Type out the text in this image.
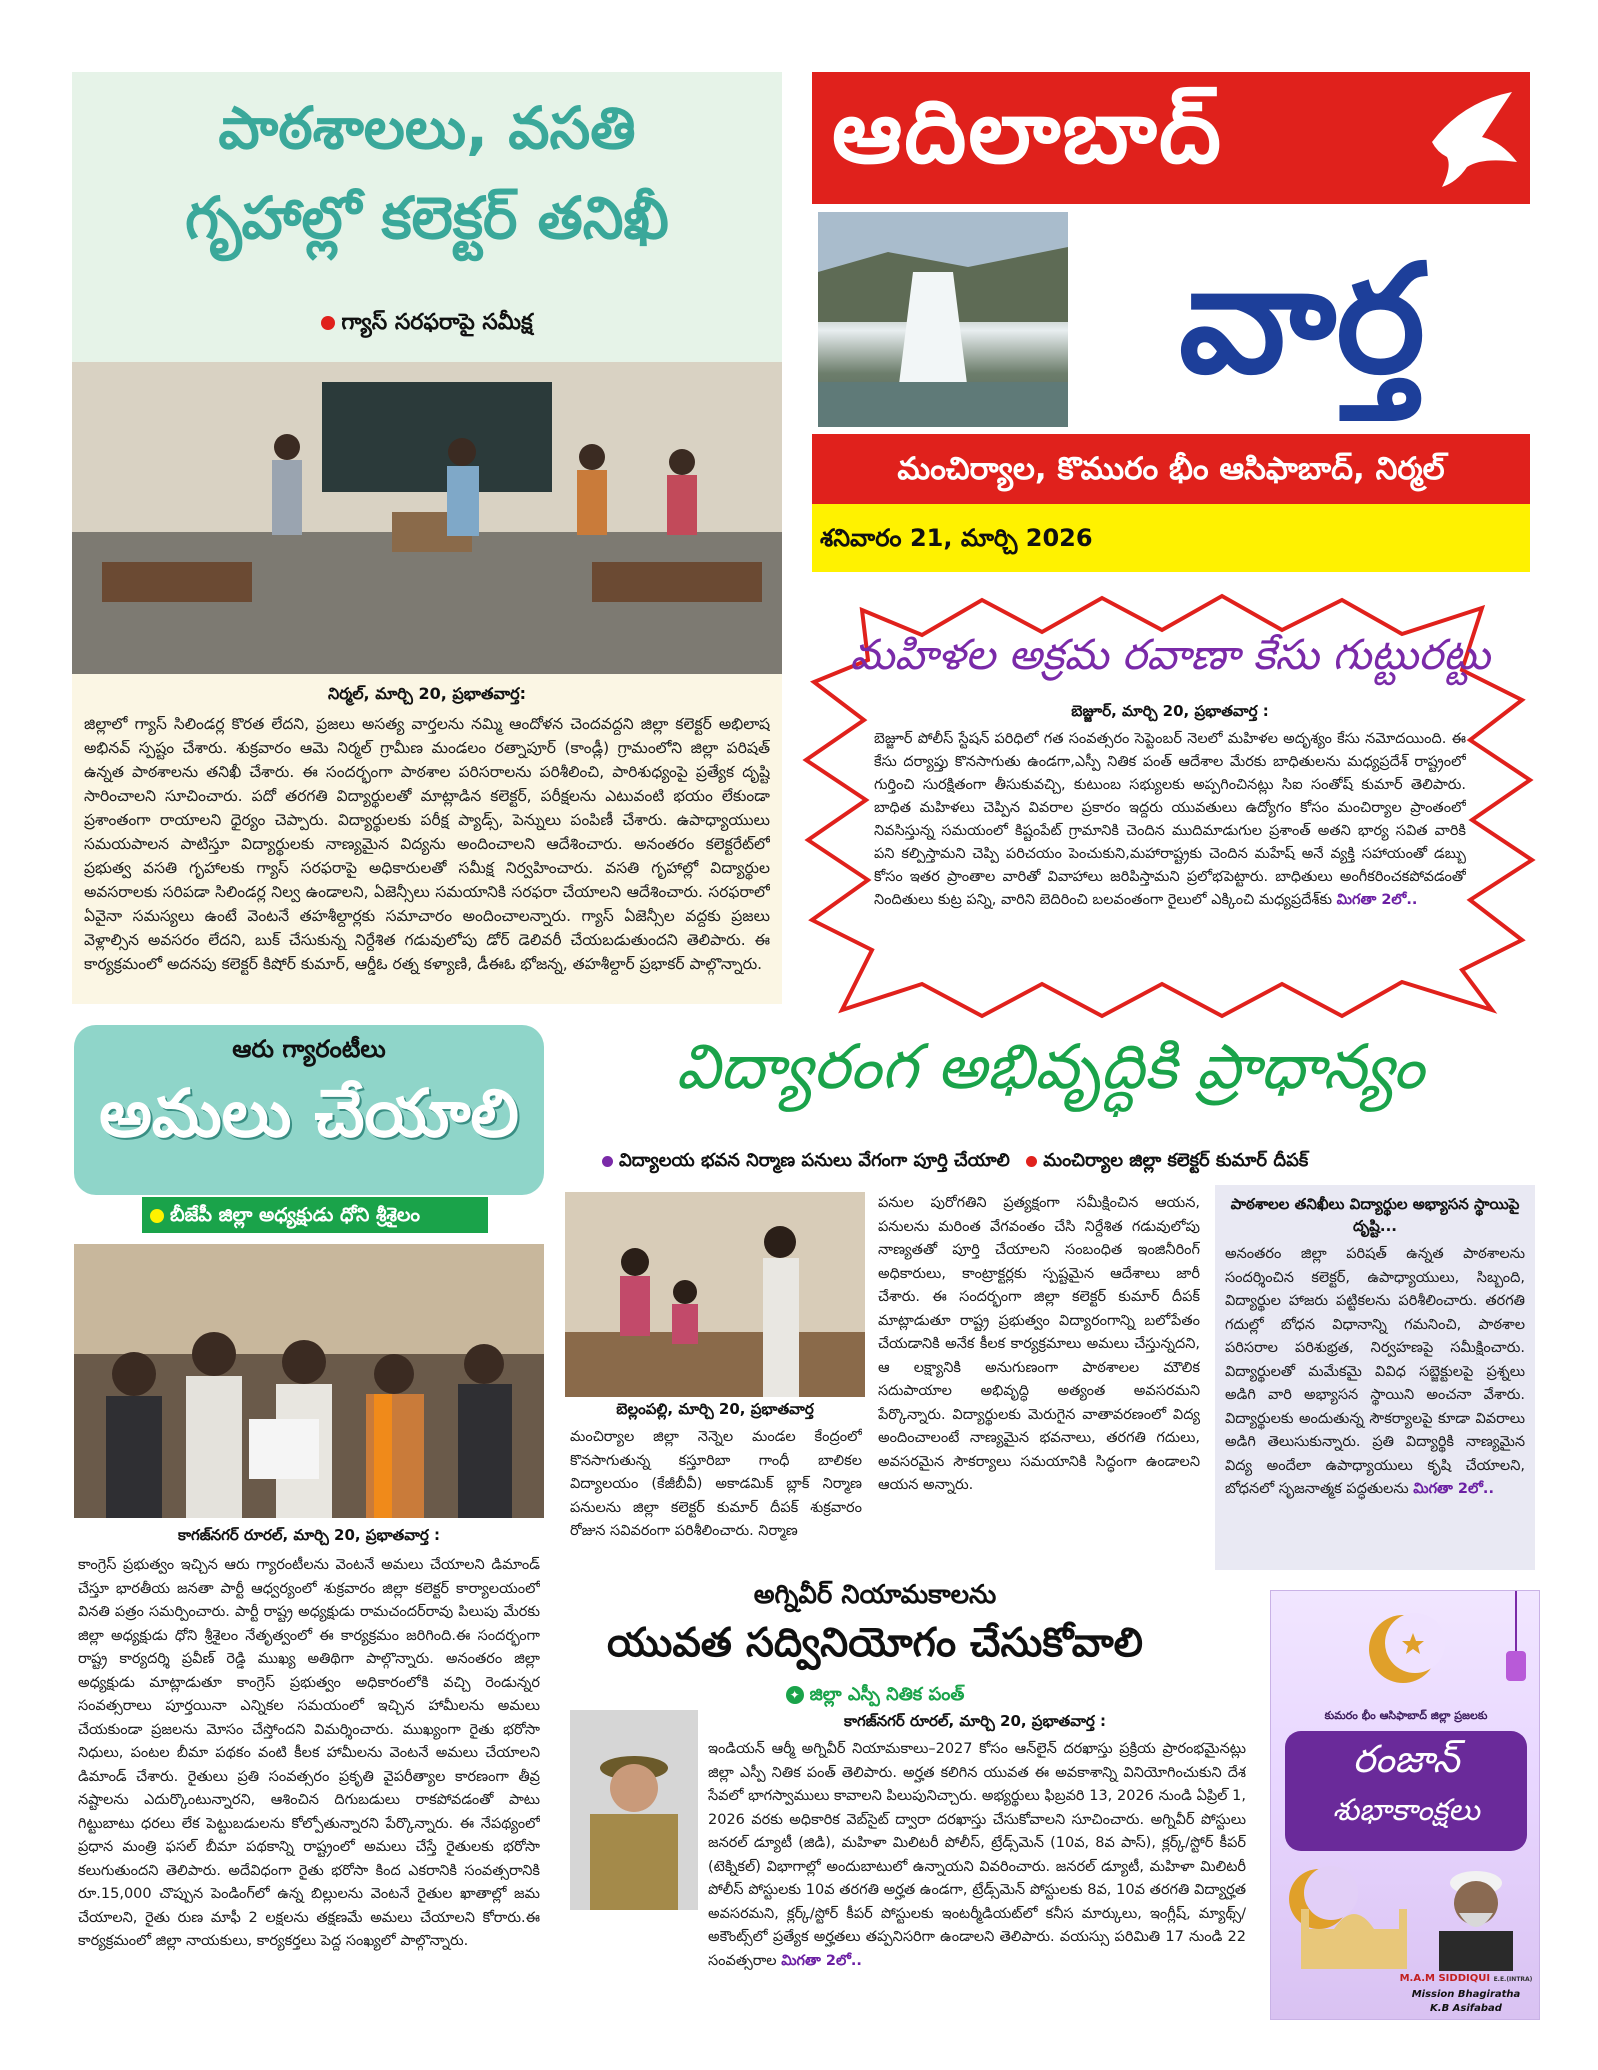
పాఠశాలలు, వసతి
గృహాల్లో కలెక్టర్ తనిఖీ
గ్యాస్ సరఫరాపై సమీక్ష
నిర్మల్, మార్చి 20, ప్రభాతవార్త:
జిల్లాలో గ్యాస్ సిలిండర్ల కొరత లేదని, ప్రజలు అసత్య వార్తలను నమ్మి ఆందోళన చెందవద్దని జిల్లా కలెక్టర్ అభిలాష అభినవ్ స్పష్టం చేశారు. శుక్రవారం ఆమె నిర్మల్ గ్రామీణ మండలం రత్నాపూర్ (కాండ్లీ) గ్రామంలోని జిల్లా పరిషత్ ఉన్నత పాఠశాలను తనిఖీ చేశారు. ఈ సందర్భంగా పాఠశాల పరిసరాలను పరిశీలించి, పారిశుధ్యంపై ప్రత్యేక దృష్టి సారించాలని సూచించారు. పదో తరగతి విద్యార్థులతో మాట్లాడిన కలెక్టర్, పరీక్షలను ఎటువంటి భయం లేకుండా ప్రశాంతంగా రాయాలని ధైర్యం చెప్పారు. విద్యార్థులకు పరీక్ష ప్యాడ్స్, పెన్నులు పంపిణీ చేశారు. ఉపాధ్యాయులు సమయపాలన పాటిస్తూ విద్యార్థులకు నాణ్యమైన విద్యను అందించాలని ఆదేశించారు. అనంతరం కలెక్టరేట్‌లో ప్రభుత్వ వసతి గృహాలకు గ్యాస్ సరఫరాపై అధికారులతో సమీక్ష నిర్వహించారు. వసతి గృహాల్లో విద్యార్థుల అవసరాలకు సరిపడా సిలిండర్ల నిల్వ ఉండాలని, ఏజెన్సీలు సమయానికి సరఫరా చేయాలని ఆదేశించారు. సరఫరాలో ఏవైనా సమస్యలు ఉంటే వెంటనే తహశీల్దార్లకు సమాచారం అందించాలన్నారు. గ్యాస్ ఏజెన్సీల వద్దకు ప్రజలు వెళ్లాల్సిన అవసరం లేదని, బుక్ చేసుకున్న నిర్దేశిత గడువులోపు డోర్ డెలివరీ చేయబడుతుందని తెలిపారు. ఈ కార్యక్రమంలో అదనపు కలెక్టర్ కిషోర్ కుమార్, ఆర్డీఓ రత్న కళ్యాణి, డీఈఓ భోజన్న, తహశీల్దార్ ప్రభాకర్ పాల్గొన్నారు.
ఆదిలాబాద్
వార్త
మంచిర్యాల, కొమురం భీం ఆసిఫాబాద్, నిర్మల్
శనివారం 21, మార్చి 2026
మహిళల అక్రమ రవాణా కేసు గుట్టురట్టు
బెజ్జూర్, మార్చి 20, ప్రభాతవార్త :
బెజ్జూర్ పోలీస్ స్టేషన్ పరిధిలో గత సంవత్సరం సెప్టెంబర్ నెలలో మహిళల అదృశ్యం కేసు నమోదయింది. ఈ కేసు దర్యాప్తు కొనసాగుతు ఉండగా,ఎస్పీ నితిక పంత్ ఆదేశాల మేరకు బాధితులను మధ్యప్రదేశ్ రాష్ట్రంలో గుర్తించి సురక్షితంగా తీసుకువచ్చి, కుటుంబ సభ్యులకు అప్పగించినట్లు సిఐ సంతోష్ కుమార్ తెలిపారు. బాధిత మహిళలు చెప్పిన వివరాల ప్రకారం ఇద్దరు యువతులు ఉద్యోగం కోసం మంచిర్యాల ప్రాంతంలో నివసిస్తున్న సమయంలో కిష్టంపేట్ గ్రామానికి చెందిన ముదిమాడుగుల ప్రశాంత్ అతని భార్య సవిత వారికి పని కల్పిస్తామని చెప్పి పరిచయం పెంచుకుని,మహారాష్ట్రకు చెందిన మహేష్ అనే వ్యక్తి సహాయంతో డబ్బు కోసం ఇతర ప్రాంతాల వారితో వివాహాలు జరిపిస్తామని ప్రలోభపెట్టారు. బాధితులు అంగీకరించకపోవడంతో నిందితులు కుట్ర పన్ని, వారిని బెదిరించి బలవంతంగా రైలులో ఎక్కించి మధ్యప్రదేశ్‌కు మిగతా 2లో..
ఆరు గ్యారంటీలు
అమలు చేయాలి
బీజేపీ జిల్లా అధ్యక్షుడు ధోని శ్రీశైలం
కాగజ్‌నగర్ రూరల్, మార్చి 20, ప్రభాతవార్త :
కాంగ్రెస్ ప్రభుత్వం ఇచ్చిన ఆరు గ్యారంటీలను వెంటనే అమలు చేయాలని డిమాండ్ చేస్తూ భారతీయ జనతా పార్టీ ఆధ్వర్యంలో శుక్రవారం జిల్లా కలెక్టర్ కార్యాలయంలో వినతి పత్రం సమర్పించారు. పార్టీ రాష్ట్ర అధ్యక్షుడు రామచందర్‌రావు పిలుపు మేరకు జిల్లా అధ్యక్షుడు ధోని శ్రీశైలం నేతృత్వంలో ఈ కార్యక్రమం జరిగింది.ఈ సందర్భంగా రాష్ట్ర కార్యదర్శి ప్రవీణ్ రెడ్డి ముఖ్య అతిథిగా పాల్గొన్నారు. అనంతరం జిల్లా అధ్యక్షుడు మాట్లాడుతూ కాంగ్రెస్ ప్రభుత్వం అధికారంలోకి వచ్చి రెండున్నర సంవత్సరాలు పూర్తయినా ఎన్నికల సమయంలో ఇచ్చిన హామీలను అమలు చేయకుండా ప్రజలను మోసం చేస్తోందని విమర్శించారు. ముఖ్యంగా రైతు భరోసా నిధులు, పంటల బీమా పథకం వంటి కీలక హామీలను వెంటనే అమలు చేయాలని డిమాండ్ చేశారు. రైతులు ప్రతి సంవత్సరం ప్రకృతి వైపరీత్యాల కారణంగా తీవ్ర నష్టాలను ఎదుర్కొంటున్నారని, ఆశించిన దిగుబడులు రాకపోవడంతో పాటు గిట్టుబాటు ధరలు లేక పెట్టుబడులను కోల్పోతున్నారని పేర్కొన్నారు. ఈ నేపథ్యంలో ప్రధాన మంత్రి ఫసల్ బీమా పథకాన్ని రాష్ట్రంలో అమలు చేస్తే రైతులకు భరోసా కలుగుతుందని తెలిపారు. అదేవిధంగా రైతు భరోసా కింద ఎకరానికి సంవత్సరానికి రూ.15,000 చొప్పున పెండింగ్‌లో ఉన్న బిల్లులను వెంటనే రైతుల ఖాతాల్లో జమ చేయాలని, రైతు రుణ మాఫీ 2 లక్షలను తక్షణమే అమలు చేయాలని కోరారు.ఈ కార్యక్రమంలో జిల్లా నాయకులు, కార్యకర్తలు పెద్ద సంఖ్యలో పాల్గొన్నారు.
విద్యారంగ అభివృద్ధికి ప్రాధాన్యం
విద్యాలయ భవన నిర్మాణ పనులు వేగంగా పూర్తి చేయాలి మంచిర్యాల జిల్లా కలెక్టర్ కుమార్ దీపక్
బెల్లంపల్లి, మార్చి 20, ప్రభాతవార్త
మంచిర్యాల జిల్లా నెన్నెల మండల కేంద్రంలో కొనసాగుతున్న కస్తూరిబా గాంధీ బాలికల విద్యాలయం (కేజీబీవీ) అకాడమిక్ బ్లాక్ నిర్మాణ పనులను జిల్లా కలెక్టర్ కుమార్ దీపక్ శుక్రవారం రోజున సవివరంగా పరిశీలించారు. నిర్మాణ
పనుల పురోగతిని ప్రత్యక్షంగా సమీక్షించిన ఆయన, పనులను మరింత వేగవంతం చేసి నిర్దేశిత గడువులోపు నాణ్యతతో పూర్తి చేయాలని సంబంధిత ఇంజినీరింగ్ అధికారులు, కాంట్రాక్టర్లకు స్పష్టమైన ఆదేశాలు జారీ చేశారు. ఈ సందర్భంగా జిల్లా కలెక్టర్ కుమార్ దీపక్ మాట్లాడుతూ రాష్ట్ర ప్రభుత్వం విద్యారంగాన్ని బలోపేతం చేయడానికి అనేక కీలక కార్యక్రమాలు అమలు చేస్తున్నదని, ఆ లక్ష్యానికి అనుగుణంగా పాఠశాలల మౌలిక సదుపాయాల అభివృద్ధి అత్యంత అవసరమని పేర్కొన్నారు. విద్యార్థులకు మెరుగైన వాతావరణంలో విద్య అందించాలంటే నాణ్యమైన భవనాలు, తరగతి గదులు, అవసరమైన సౌకర్యాలు సమయానికి సిద్ధంగా ఉండాలని ఆయన అన్నారు.
పాఠశాలల తనిఖీలు విద్యార్థుల అభ్యాసన స్థాయిపై దృష్టి...
అనంతరం జిల్లా పరిషత్ ఉన్నత పాఠశాలను సందర్శించిన కలెక్టర్, ఉపాధ్యాయులు, సిబ్బంది, విద్యార్థుల హాజరు పట్టికలను పరిశీలించారు. తరగతి గదుల్లో బోధన విధానాన్ని గమనించి, పాఠశాల పరిసరాల పరిశుభ్రత, నిర్వహణపై సమీక్షించారు. విద్యార్థులతో మమేకమై వివిధ సబ్జెక్టులపై ప్రశ్నలు అడిగి వారి అభ్యాసన స్థాయిని అంచనా వేశారు. విద్యార్థులకు అందుతున్న సౌకర్యాలపై కూడా వివరాలు అడిగి తెలుసుకున్నారు. ప్రతి విద్యార్థికి నాణ్యమైన విద్య అందేలా ఉపాధ్యాయులు కృషి చేయాలని, బోధనలో సృజనాత్మక పద్ధతులను మిగతా 2లో..
అగ్నివీర్ నియామకాలను
యువత సద్వినియోగం చేసుకోవాలి
✦ జిల్లా ఎస్పీ నితిక పంత్
కాగజ్‌నగర్ రూరల్, మార్చి 20, ప్రభాతవార్త :
ఇండియన్ ఆర్మీ అగ్నివీర్ నియామకాలు–2027 కోసం ఆన్‌లైన్ దరఖాస్తు ప్రక్రియ ప్రారంభమైనట్లు జిల్లా ఎస్పీ నితిక పంత్ తెలిపారు. అర్హత కలిగిన యువత ఈ అవకాశాన్ని వినియోగించుకుని దేశ సేవలో భాగస్వాములు కావాలని పిలుపునిచ్చారు. అభ్యర్థులు ఫిబ్రవరి 13, 2026 నుండి ఏప్రిల్ 1, 2026 వరకు అధికారిక వెబ్‌సైట్ ద్వారా దరఖాస్తు చేసుకోవాలని సూచించారు. అగ్నివీర్ పోస్టులు జనరల్ డ్యూటీ (జిడి), మహిళా మిలిటరీ పోలీస్, ట్రేడ్స్‌మెన్ (10వ, 8వ పాస్), క్లర్క్/స్టోర్ కీపర్ (టెక్నికల్) విభాగాల్లో అందుబాటులో ఉన్నాయని వివరించారు. జనరల్ డ్యూటీ, మహిళా మిలిటరీ పోలీస్ పోస్టులకు 10వ తరగతి అర్హత ఉండగా, ట్రేడ్స్‌మెన్ పోస్టులకు 8వ, 10వ తరగతి విద్యార్హత అవసరమని, క్లర్క్/స్టోర్ కీపర్ పోస్టులకు ఇంటర్మీడియట్‌లో కనీస మార్కులు, ఇంగ్లీష్, మ్యాథ్స్/అకౌంట్స్‌లో ప్రత్యేక అర్హతలు తప్పనిసరిగా ఉండాలని తెలిపారు. వయస్సు పరిమితి 17 నుండి 22 సంవత్సరాల మిగతా 2లో..
కుమరం భీం ఆసిఫాబాద్ జిల్లా ప్రజలకు
రంజాన్
శుభాకాంక్షలు
M.A.M SIDDIQUI E.E.(INTRA)
Mission Bhagiratha
K.B Asifabad
